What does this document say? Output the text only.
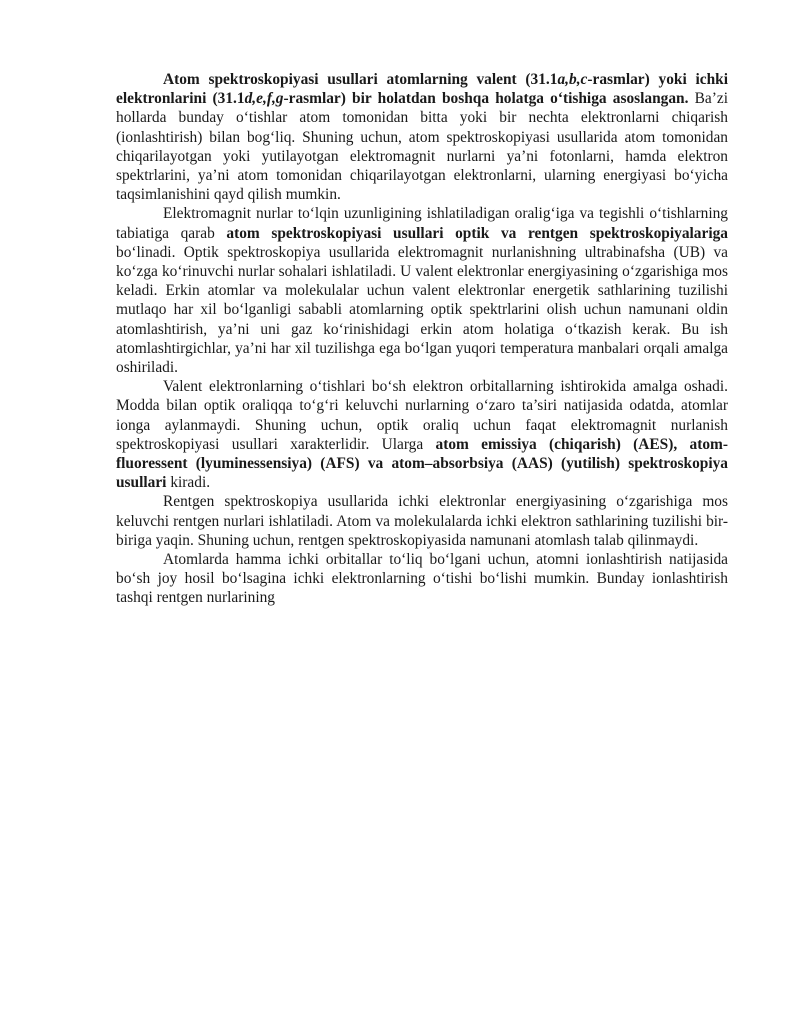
Atom spektroskopiyasi usullari atomlarning valent (31.1a,b,c-rasmlar) yoki ichki elektronlarini (31.1d,e,f,g-rasmlar) bir holatdan boshqa holatga o‘tishiga asoslangan. Ba’zi hollarda bunday o‘tishlar atom tomonidan bitta yoki bir nechta elektronlarni chiqarish (ionlashtirish) bilan bog‘liq. Shuning uchun, atom spektroskopiyasi usullarida atom tomonidan chiqarilayotgan yoki yutilayotgan elektromagnit nurlarni ya’ni fotonlarni, hamda elektron spektrlarini, ya’ni atom tomonidan chiqarilayotgan elektronlarni, ularning energiyasi bo‘yicha taqsimlanishini qayd qilish mumkin.

Elektromagnit nurlar to‘lqin uzunligining ishlatiladigan oralig‘iga va tegishli o‘tishlarning tabiatiga qarab atom spektroskopiyasi usullari optik va rentgen spektroskopiyalariga bo‘linadi. Optik spektroskopiya usullarida elektromagnit nurlanishning ultrabinafsha (UB) va ko‘zga ko‘rinuvchi nurlar sohalari ishlatiladi. U valent elektronlar energiyasining o‘zgarishiga mos keladi. Erkin atomlar va molekulalar uchun valent elektronlar energetik sathlarining tuzilishi mutlaqo har xil bo‘lganligi sababli atomlarning optik spektrlarini olish uchun namunani oldin atomlashtirish, ya’ni uni gaz ko‘rinishidagi erkin atom holatiga o‘tkazish kerak. Bu ish atomlashtirgichlar, ya’ni har xil tuzilishga ega bo‘lgan yuqori temperatura manbalari orqali amalga oshiriladi.

Valent elektronlarning o‘tishlari bo‘sh elektron orbitallarning ishtirokida amalga oshadi. Modda bilan optik oraliqqa to‘g‘ri keluvchi nurlarning o‘zaro ta’siri natijasida odatda, atomlar ionga aylanmaydi. Shuning uchun, optik oraliq uchun faqat elektromagnit nurlanish spektroskopiyasi usullari xarakterlidir. Ularga atom emissiya (chiqarish) (AES), atom-fluoressent (lyuminessensiya) (AFS) va atom–absorbsiya (AAS) (yutilish) spektroskopiya usullari kiradi.

Rentgen spektroskopiya usullarida ichki elektronlar energiyasining o‘zgarishiga mos keluvchi rentgen nurlari ishlatiladi. Atom va molekulalarda ichki elektron sathlarining tuzilishi bir-biriga yaqin. Shuning uchun, rentgen spektroskopiyasida namunani atomlash talab qilinmaydi.

Atomlarda hamma ichki orbitallar to‘liq bo‘lgani uchun, atomni ionlashtirish natijasida bo‘sh joy hosil bo‘lsagina ichki elektronlarning o‘tishi bo‘lishi mumkin. Bunday ionlashtirish tashqi rentgen nurlarining
